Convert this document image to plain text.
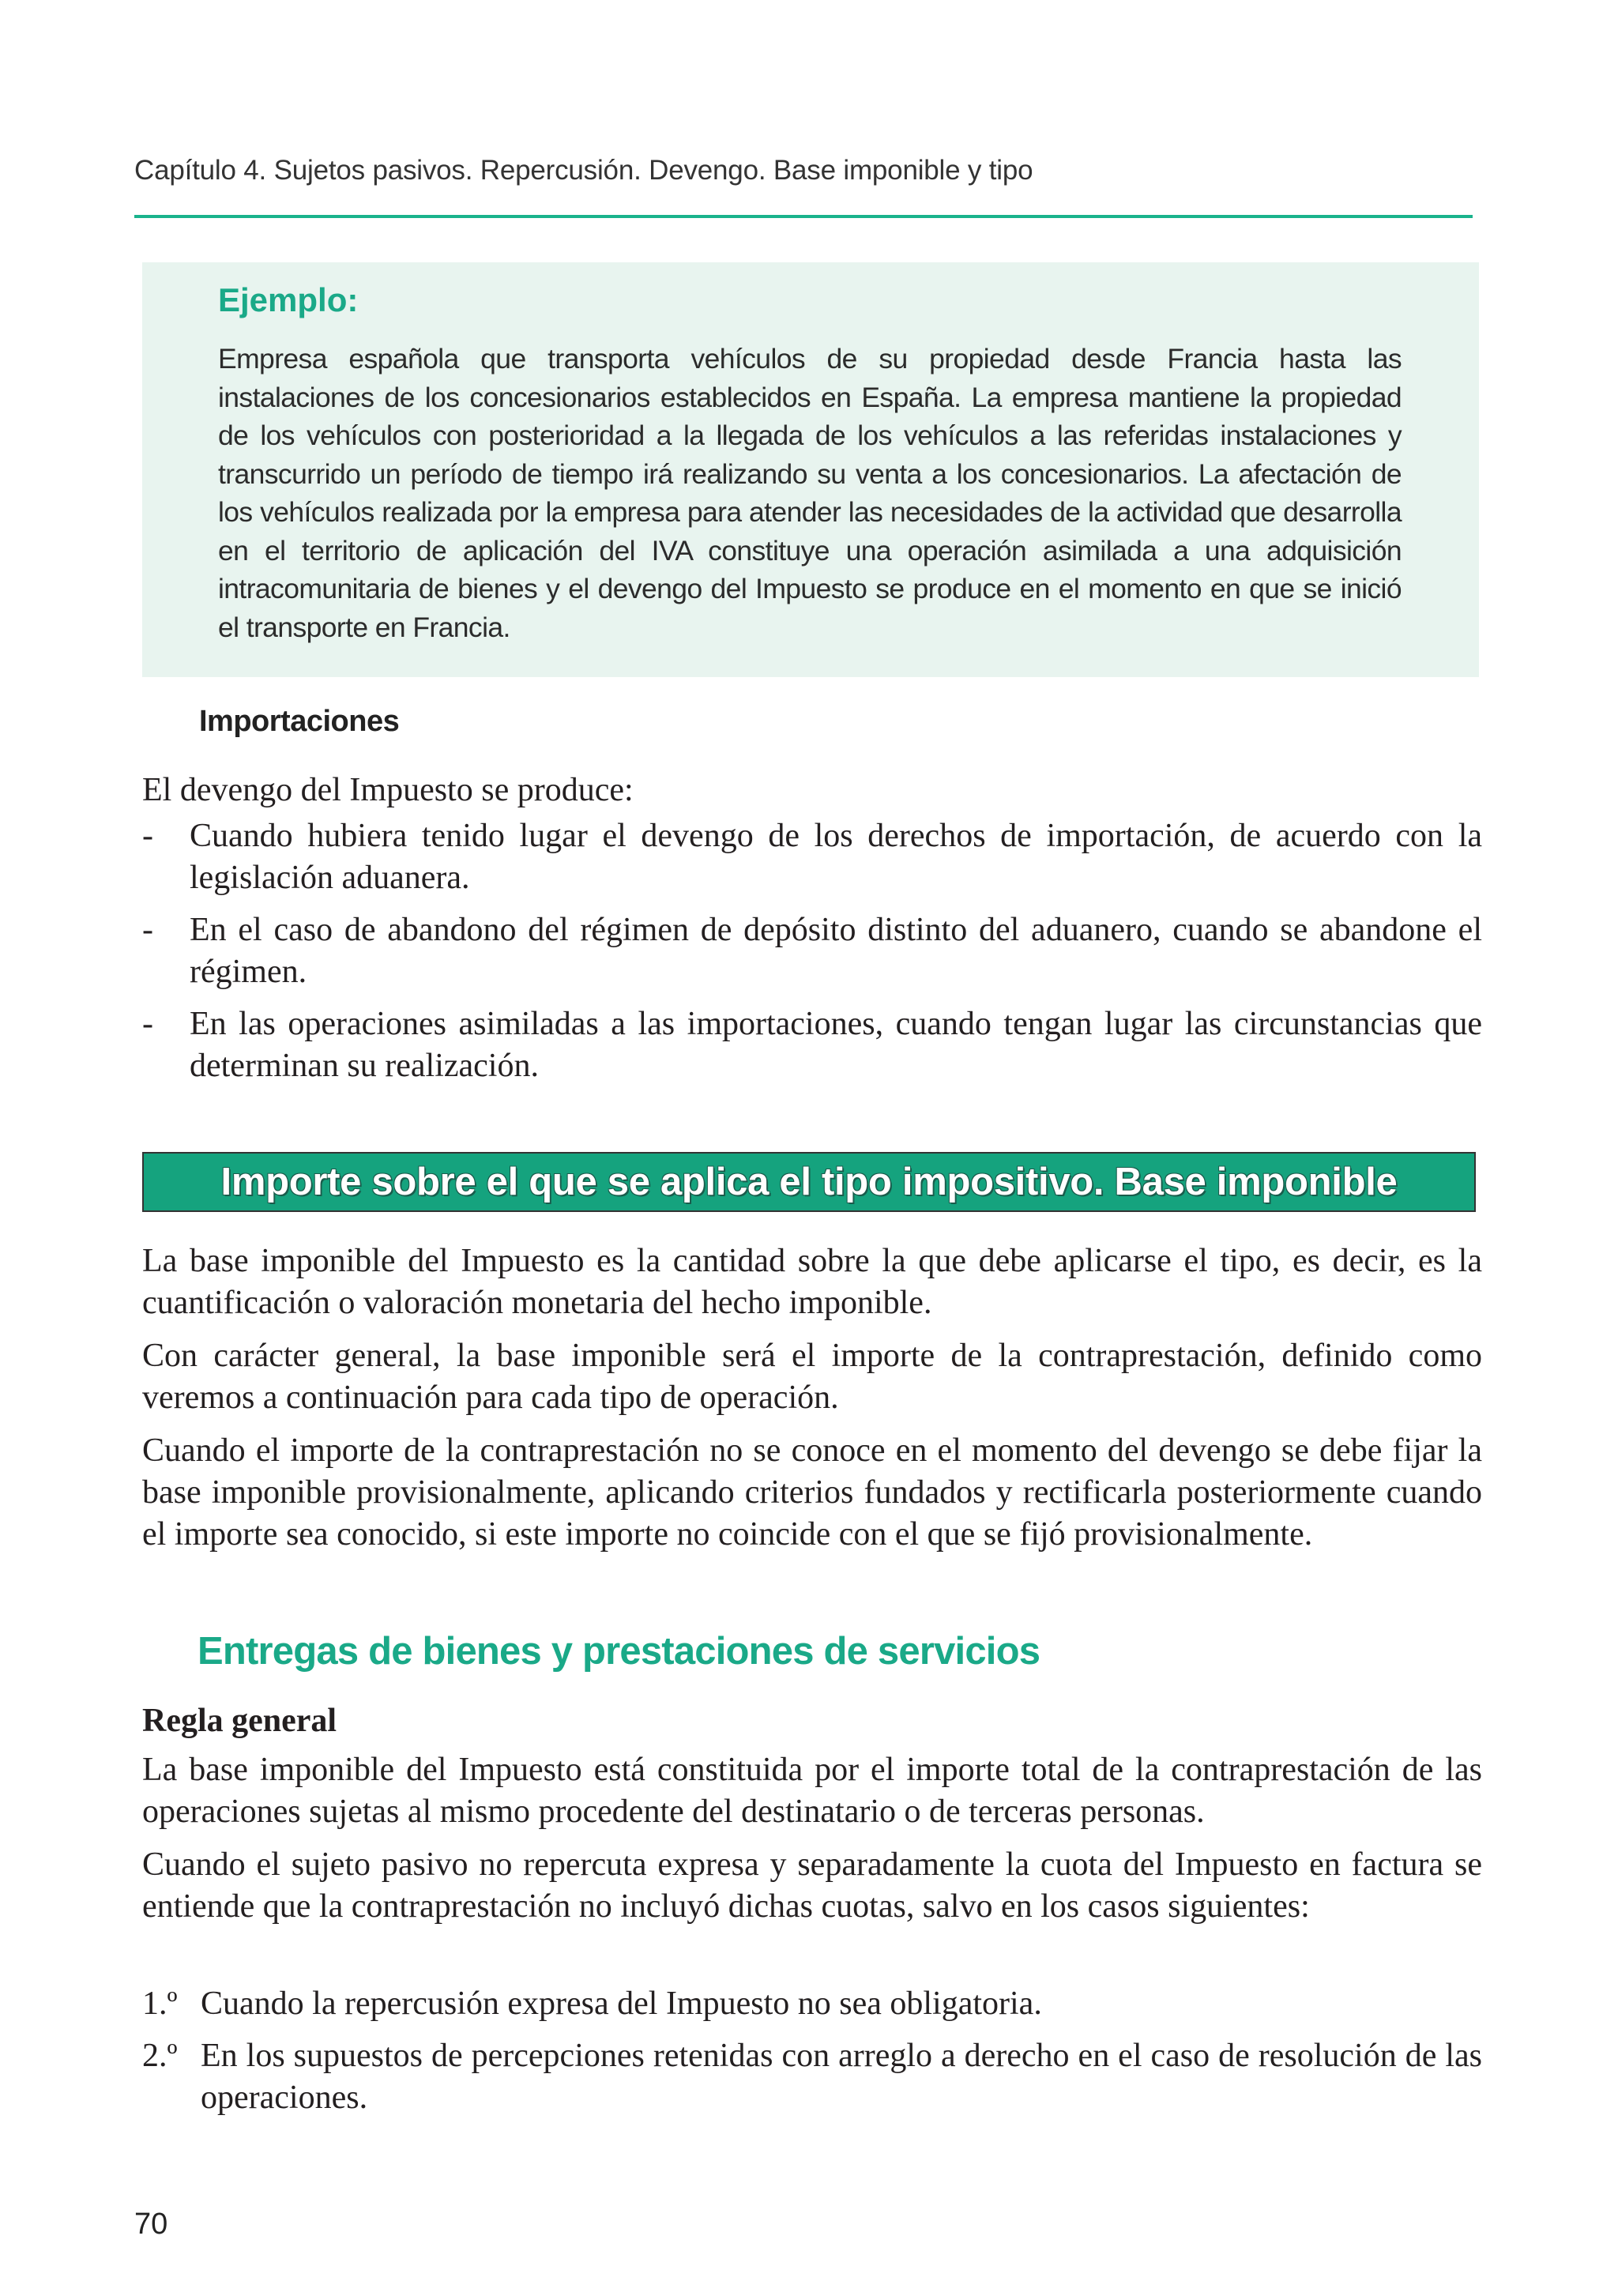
Capítulo 4. Sujetos pasivos. Repercusión. Devengo. Base imponible y tipo
Ejemplo:
Empresa española que transporta vehículos de su propiedad desde Francia hasta las instalaciones de los concesionarios establecidos en España. La empresa mantiene la propiedad de los vehículos con posterioridad a la llegada de los vehículos a las referidas instalaciones y transcurrido un período de tiempo irá realizando su venta a los concesionarios. La afectación de los vehículos realizada por la empresa para atender las necesidades de la actividad que desarrolla en el territorio de aplicación del IVA constituye una operación asimilada a una adquisición intracomunitaria de bienes y el devengo del Impuesto se produce en el momento en que se inició el transporte en Francia.
Importaciones
El devengo del Impuesto se produce:
- Cuando hubiera tenido lugar el devengo de los derechos de importación, de acuerdo con la legislación aduanera.
- En el caso de abandono del régimen de depósito distinto del aduanero, cuando se abandone el régimen.
- En las operaciones asimiladas a las importaciones, cuando tengan lugar las circunstancias que determinan su realización.
Importe sobre el que se aplica el tipo impositivo. Base imponible
La base imponible del Impuesto es la cantidad sobre la que debe aplicarse el tipo, es decir, es la cuantificación o valoración monetaria del hecho imponible.
Con carácter general, la base imponible será el importe de la contraprestación, definido como veremos a continuación para cada tipo de operación.
Cuando el importe de la contraprestación no se conoce en el momento del devengo se debe fijar la base imponible provisionalmente, aplicando criterios fundados y rectificarla posteriormente cuando el importe sea conocido, si este importe no coincide con el que se fijó provisionalmente.
Entregas de bienes y prestaciones de servicios
Regla general
La base imponible del Impuesto está constituida por el importe total de la contraprestación de las operaciones sujetas al mismo procedente del destinatario o de terceras personas.
Cuando el sujeto pasivo no repercuta expresa y separadamente la cuota del Impuesto en factura se entiende que la contraprestación no incluyó dichas cuotas, salvo en los casos siguientes:
1.º Cuando la repercusión expresa del Impuesto no sea obligatoria.
2.º En los supuestos de percepciones retenidas con arreglo a derecho en el caso de resolución de las operaciones.
70
